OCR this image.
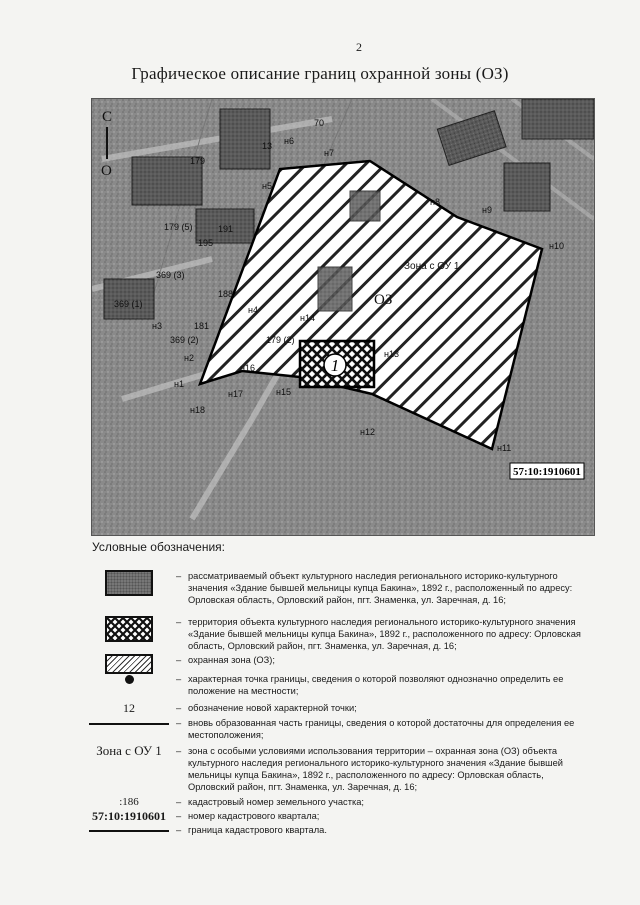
2
Графическое описание границ охранной зоны (ОЗ)
1
С
О
н1
н2
н3
н4
н5
н6
н7
н8
н9
н10
н11
н12
н13
н14
н15
н16
н17
н18
179
179 (5)
195
191
369 (3)
369 (1)
369 (2)
188
181
179 (2)
70
13
Зона с ОУ 1
ОЗ
57:10:1910601
Условные обозначения:
– рассматриваемый объект культурного наследия регионального историко-культурного значения «Здание бывшей мельницы купца Бакина», 1892 г., расположенный по адресу: Орловская область, Орловский район, пгт. Знаменка, ул. Заречная, д. 16;
– территория объекта культурного наследия регионального историко-культурного значения «Здание бывшей мельницы купца Бакина», 1892 г., расположенного по адресу: Орловская область, Орловский район, пгт. Знаменка, ул. Заречная, д. 16;
– охранная зона (ОЗ);
– характерная точка границы, сведения о которой позволяют однозначно определить ее положение на местности;
12	– обозначение новой характерной точки;
– вновь образованная часть границы, сведения о которой достаточны для определения ее местоположения;
Зона с ОУ 1 – зона с особыми условиями использования территории – охранная зона (ОЗ) объекта культурного наследия регионального историко-культурного значения «Здание бывшей мельницы купца Бакина», 1892 г., расположенного по адресу: Орловская область, Орловский район, пгт. Знаменка, ул. Заречная, д. 16;
:186	– кадастровый номер земельного участка;
57:10:1910601 – номер кадастрового квартала;
– граница кадастрового квартала.
